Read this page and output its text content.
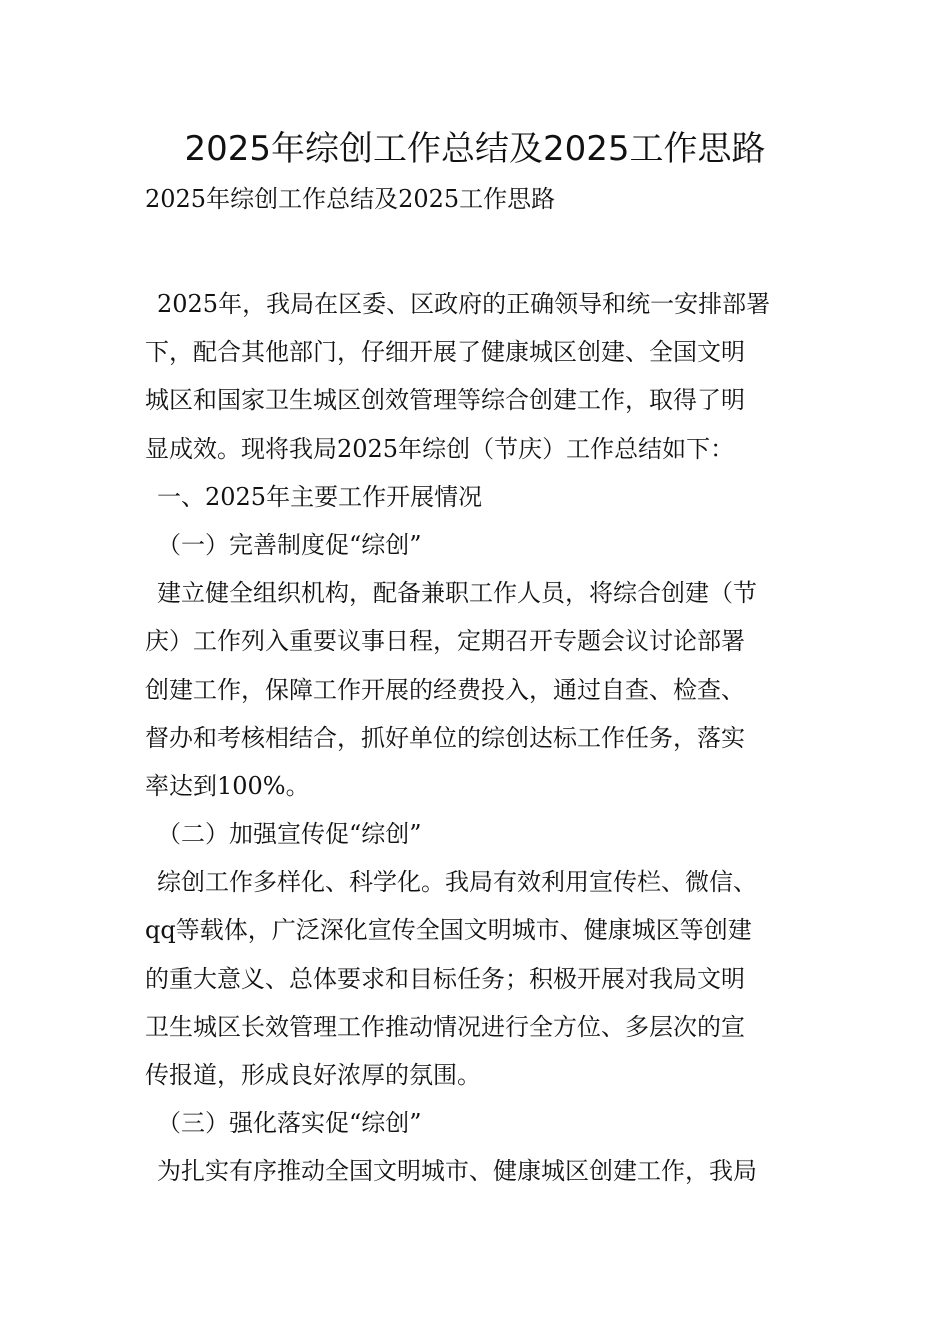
2025年综创工作总结及2025工作思路
2025年综创工作总结及2025工作思路
2025年，我局在区委、区政府的正确领导和统一安排部署
下，配合其他部门，仔细开展了健康城区创建、全国文明
城区和国家卫生城区创效管理等综合创建工作，取得了明
显成效。现将我局2025年综创（节庆）工作总结如下：
一、2025年主要工作开展情况
（一）完善制度促“综创”
建立健全组织机构，配备兼职工作人员，将综合创建（节
庆）工作列入重要议事日程，定期召开专题会议讨论部署
创建工作，保障工作开展的经费投入，通过自查、检查、
督办和考核相结合，抓好单位的综创达标工作任务，落实
率达到100%。
（二）加强宣传促“综创”
综创工作多样化、科学化。我局有效利用宣传栏、微信、
qq等载体，广泛深化宣传全国文明城市、健康城区等创建
的重大意义、总体要求和目标任务；积极开展对我局文明
卫生城区长效管理工作推动情况进行全方位、多层次的宣
传报道，形成良好浓厚的氛围。
（三）强化落实促“综创”
为扎实有序推动全国文明城市、健康城区创建工作，我局
